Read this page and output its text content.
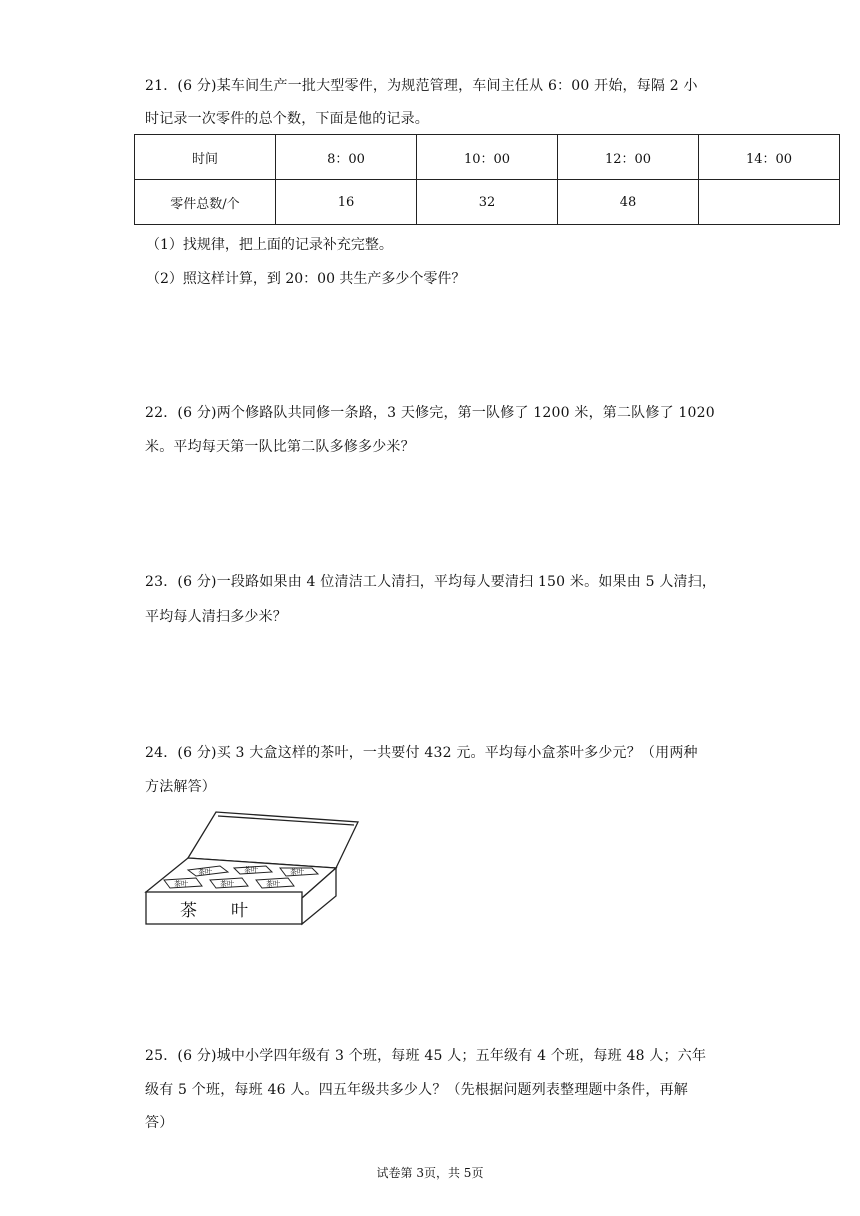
21．(6 分)某车间生产一批大型零件，为规范管理，车间主任从 6：00 开始，每隔 2 小
时记录一次零件的总个数，下面是他的记录。
时间	8：00	10：00	12：00	14：00
零件总数/个	16	32	48	
（1）找规律，把上面的记录补充完整。
（2）照这样计算，到 20：00 共生产多少个零件？
22．(6 分)两个修路队共同修一条路，3 天修完，第一队修了 1200 米，第二队修了 1020
米。平均每天第一队比第二队多修多少米？
23．(6 分)一段路如果由 4 位清洁工人清扫，平均每人要清扫 150 米。如果由 5 人清扫，
平均每人清扫多少米？
24．(6 分)买 3 大盒这样的茶叶，一共要付 432 元。平均每小盒茶叶多少元？（用两种
方法解答）
茶叶	茶叶	茶叶
茶叶	茶叶	茶叶
茶　　叶
25．(6 分)城中小学四年级有 3 个班，每班 45 人；五年级有 4 个班，每班 48 人；六年
级有 5 个班，每班 46 人。四五年级共多少人？（先根据问题列表整理题中条件，再解
答）
试卷第 3页，共 5页
